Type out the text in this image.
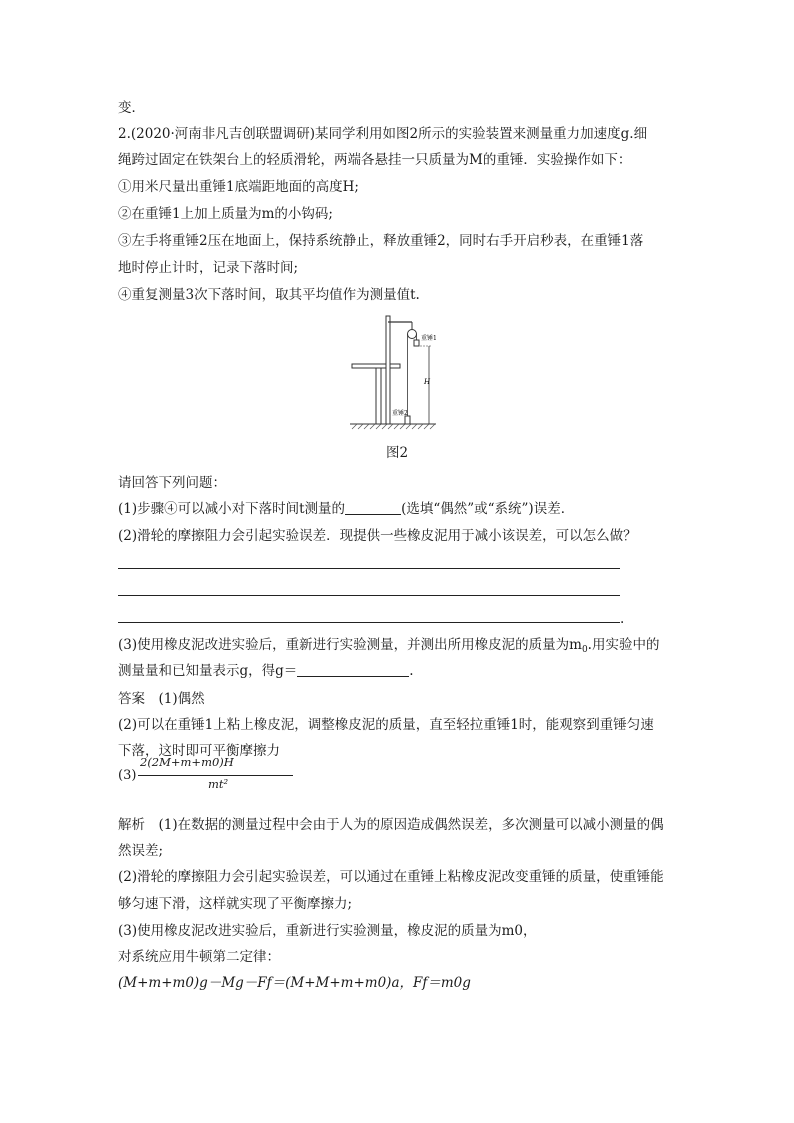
变．
2.(2020·河南非凡吉创联盟调研)某同学利用如图2所示的实验装置来测量重力加速度g.细
绳跨过固定在铁架台上的轻质滑轮，两端各悬挂一只质量为M的重锤．实验操作如下：
①用米尺量出重锤1底端距地面的高度H;
②在重锤1上加上质量为m的小钩码;
③左手将重锤2压在地面上，保持系统静止，释放重锤2，同时右手开启秒表，在重锤1落
地时停止计时，记录下落时间;
④重复测量3次下落时间，取其平均值作为测量值t.
重锤1
重锤2
H
图2
请回答下列问题：
(1)步骤④可以减小对下落时间t测量的	(选填“偶然”或“系统”)误差．
(2)滑轮的摩擦阻力会引起实验误差．现提供一些橡皮泥用于减小该误差，可以怎么做？
.
(3)使用橡皮泥改进实验后，重新进行实验测量，并测出所用橡皮泥的质量为$m_0$.用实验中的
测量量和已知量表示g，得g＝	.
答案　(1)偶然
(2)可以在重锤1上粘上橡皮泥，调整橡皮泥的质量，直至轻拉重锤1时，能观察到重锤匀速
下落，这时即可平衡摩擦力
(3)
2(2M+m+m0)H
mt²
解析　(1)在数据的测量过程中会由于人为的原因造成偶然误差，多次测量可以减小测量的偶
然误差;
(2)滑轮的摩擦阻力会引起实验误差，可以通过在重锤上粘橡皮泥改变重锤的质量，使重锤能
够匀速下滑，这样就实现了平衡摩擦力;
(3)使用橡皮泥改进实验后，重新进行实验测量，橡皮泥的质量为m0，
对系统应用牛顿第二定律：
(M+m+m0)g－Mg－Ff＝(M+M+m+m0)a，Ff＝m0g
